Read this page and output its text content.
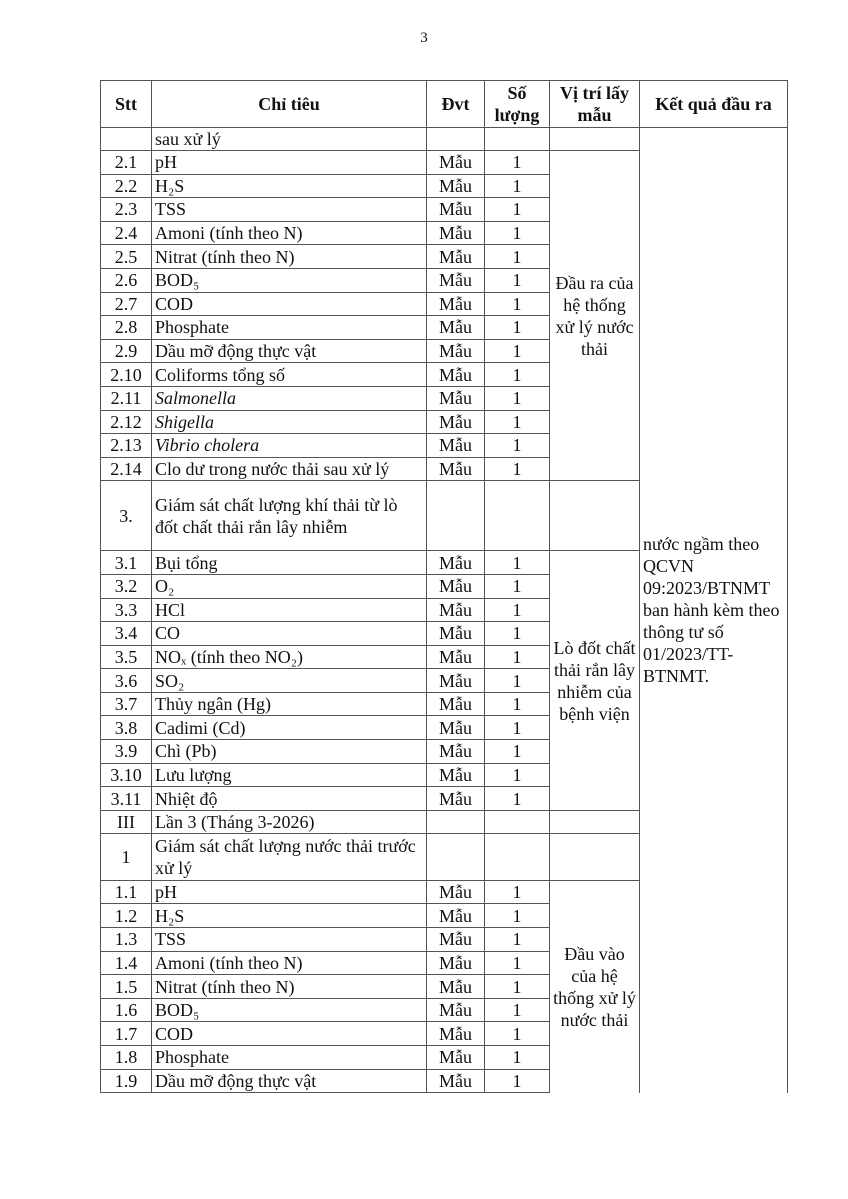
3
Stt	Chỉ tiêu	Đvt	Số lượng	Vị trí lấy mẫu	Kết quả đầu ra
	sau xử lý				nước ngầm theo QCVN 09:2023/BTNMT ban hành kèm theo thông tư số 01/2023/TT-BTNMT.
2.1	pH	Mẫu	1	Đầu ra của hệ thống xử lý nước thải	
2.2	H₂S	Mẫu	1		
2.3	TSS	Mẫu	1		
2.4	Amoni (tính theo N)	Mẫu	1		
2.5	Nitrat (tính theo N)	Mẫu	1		
2.6	BOD₅	Mẫu	1		
2.7	COD	Mẫu	1		
2.8	Phosphate	Mẫu	1		
2.9	Dầu mỡ động thực vật	Mẫu	1		
2.10	Coliforms tổng số	Mẫu	1		
2.11	Salmonella	Mẫu	1		
2.12	Shigella	Mẫu	1		
2.13	Vibrio cholera	Mẫu	1		
2.14	Clo dư trong nước thải sau xử lý	Mẫu	1		
3.	Giám sát chất lượng khí thải từ lò đốt chất thải rắn lây nhiễm				
3.1	Bụi tổng	Mẫu	1	Lò đốt chất thải rắn lây nhiễm của bệnh viện	
3.2	O₂	Mẫu	1		
3.3	HCl	Mẫu	1		
3.4	CO	Mẫu	1		
3.5	NOₓ (tính theo NO₂)	Mẫu	1		
3.6	SO₂	Mẫu	1		
3.7	Thủy ngân (Hg)	Mẫu	1		
3.8	Cadimi (Cd)	Mẫu	1		
3.9	Chì (Pb)	Mẫu	1		
3.10	Lưu lượng	Mẫu	1		
3.11	Nhiệt độ	Mẫu	1		
III	Lần 3 (Tháng 3-2026)				
1	Giám sát chất lượng nước thải trước xử lý				
1.1	pH	Mẫu	1	Đầu vào của hệ thống xử lý nước thải	
1.2	H₂S	Mẫu	1		
1.3	TSS	Mẫu	1		
1.4	Amoni (tính theo N)	Mẫu	1		
1.5	Nitrat (tính theo N)	Mẫu	1		
1.6	BOD₅	Mẫu	1		
1.7	COD	Mẫu	1		
1.8	Phosphate	Mẫu	1		
1.9	Dầu mỡ động thực vật	Mẫu	1		
